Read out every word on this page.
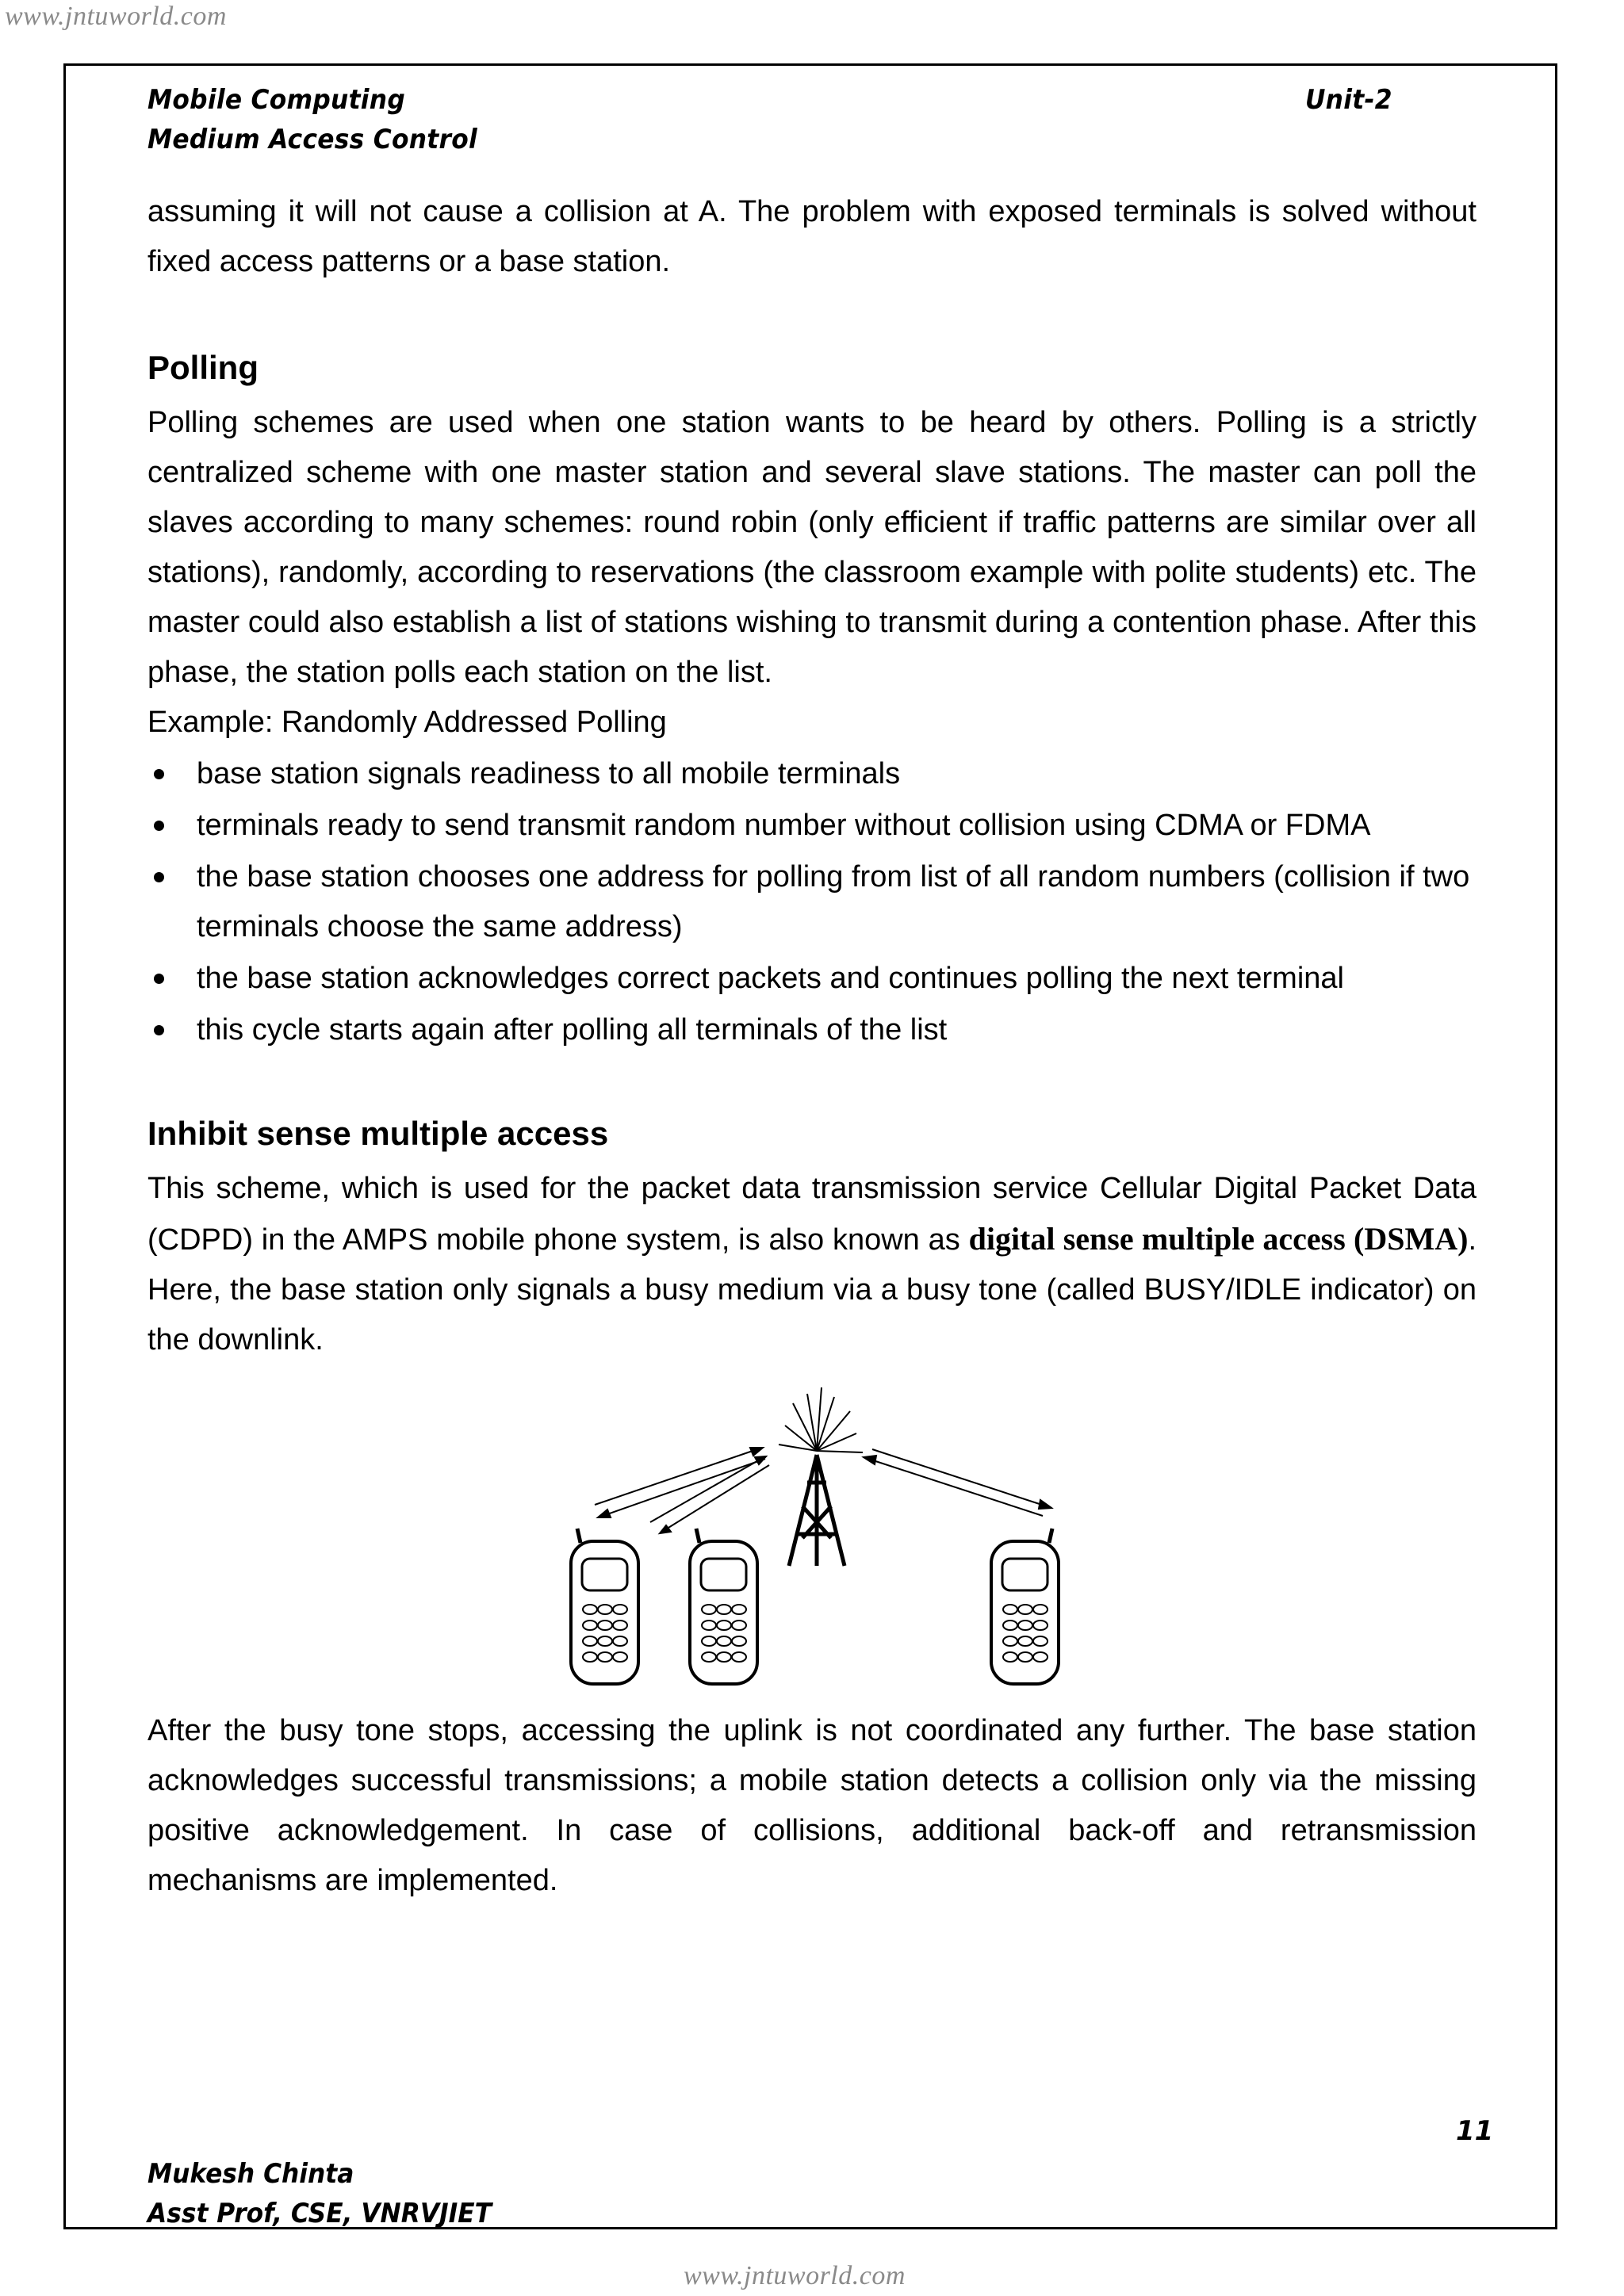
www.jntuworld.com
Mobile Computing
Medium Access Control
Unit-2

assuming it will not cause a collision at A. The problem with exposed terminals is solved without fixed access patterns or a base station.

Polling

Polling schemes are used when one station wants to be heard by others. Polling is a strictly centralized scheme with one master station and several slave stations. The master can poll the slaves according to many schemes: round robin (only efficient if traffic patterns are similar over all stations), randomly, according to reservations (the classroom example with polite students) etc. The master could also establish a list of stations wishing to transmit during a contention phase. After this phase, the station polls each station on the list.

Example: Randomly Addressed Polling
base station signals readiness to all mobile terminals
terminals ready to send transmit random number without collision using CDMA or FDMA
the base station chooses one address for polling from list of all random numbers (collision if two terminals choose the same address)
the base station acknowledges correct packets and continues polling the next terminal
this cycle starts again after polling all terminals of the list
Inhibit sense multiple access

This scheme, which is used for the packet data transmission service Cellular Digital Packet Data (CDPD) in the AMPS mobile phone system, is also known as digital sense multiple access (DSMA). Here, the base station only signals a busy medium via a busy tone (called BUSY/IDLE indicator) on the downlink.

After the busy tone stops, accessing the uplink is not coordinated any further. The base station acknowledges successful transmissions; a mobile station detects a collision only via the missing positive acknowledgement. In case of collisions, additional back-off and retransmission mechanisms are implemented.

11
Mukesh Chinta
Asst Prof, CSE, VNRVJIET
www.jntuworld.com
